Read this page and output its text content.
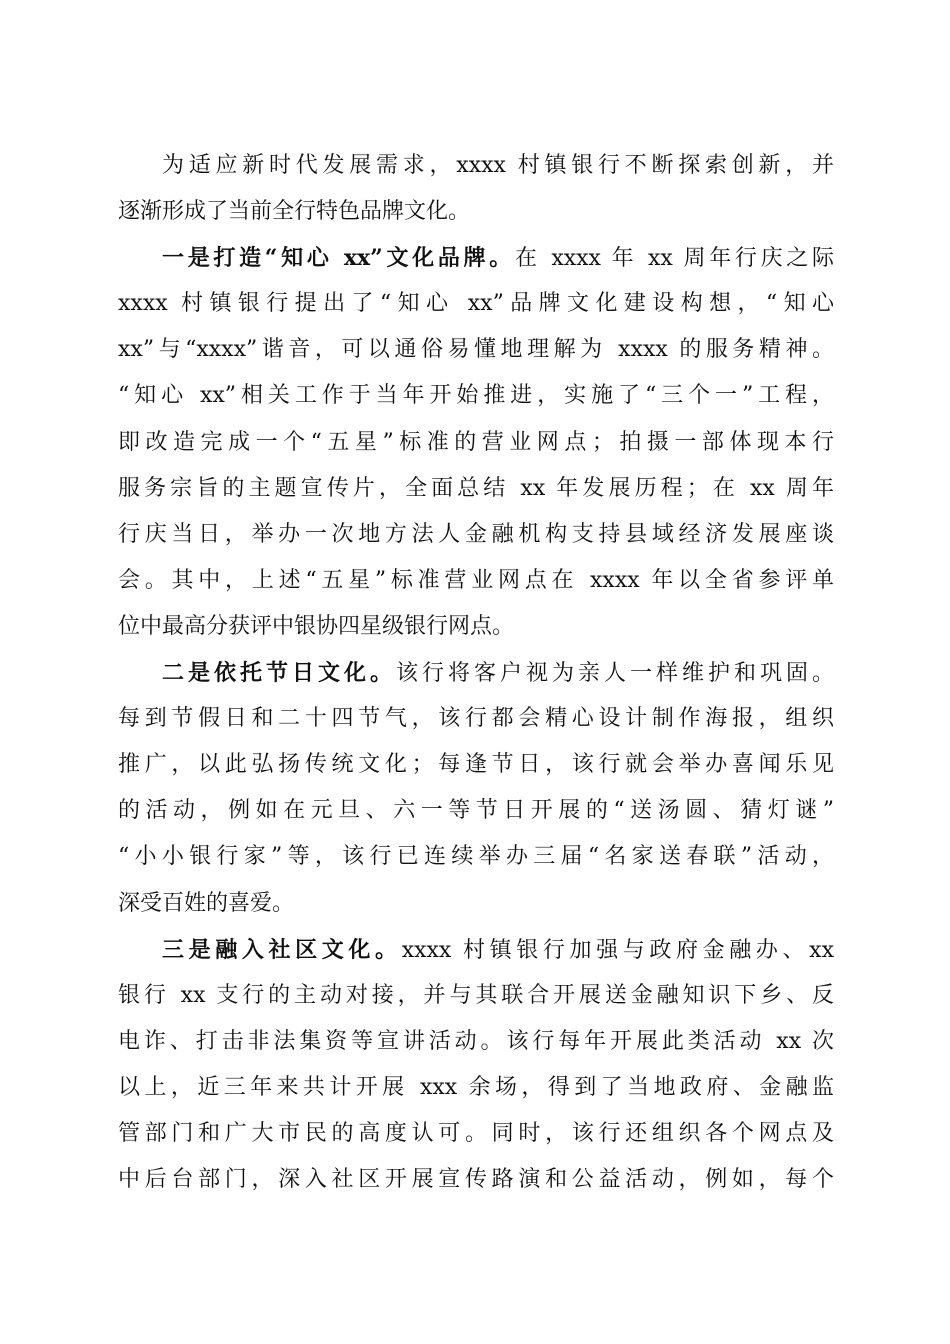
为适应新时代发展需求，xxxx 村镇银行不断探索创新，并
逐渐形成了当前全行特色品牌文化。
一是打造“知心 xx”文化品牌。在 xxxx 年 xx 周年行庆之际
xxxx 村镇银行提出了“知心 xx”品牌文化建设构想，“知心
xx”与“xxxx”谐音，可以通俗易懂地理解为 xxxx 的服务精神。
“知心 xx”相关工作于当年开始推进，实施了“三个一”工程，
即改造完成一个“五星”标准的营业网点；拍摄一部体现本行
服务宗旨的主题宣传片，全面总结 xx 年发展历程；在 xx 周年
行庆当日，举办一次地方法人金融机构支持县域经济发展座谈
会。其中，上述“五星”标准营业网点在 xxxx 年以全省参评单
位中最高分获评中银协四星级银行网点。
二是依托节日文化。该行将客户视为亲人一样维护和巩固。
每到节假日和二十四节气，该行都会精心设计制作海报，组织
推广，以此弘扬传统文化；每逢节日，该行就会举办喜闻乐见
的活动，例如在元旦、六一等节日开展的“送汤圆、猜灯谜”
“小小银行家”等，该行已连续举办三届“名家送春联”活动，
深受百姓的喜爱。
三是融入社区文化。xxxx 村镇银行加强与政府金融办、xx
银行 xx 支行的主动对接，并与其联合开展送金融知识下乡、反
电诈、打击非法集资等宣讲活动。该行每年开展此类活动 xx 次
以上，近三年来共计开展 xxx 余场，得到了当地政府、金融监
管部门和广大市民的高度认可。同时，该行还组织各个网点及
中后台部门，深入社区开展宣传路演和公益活动，例如，每个
